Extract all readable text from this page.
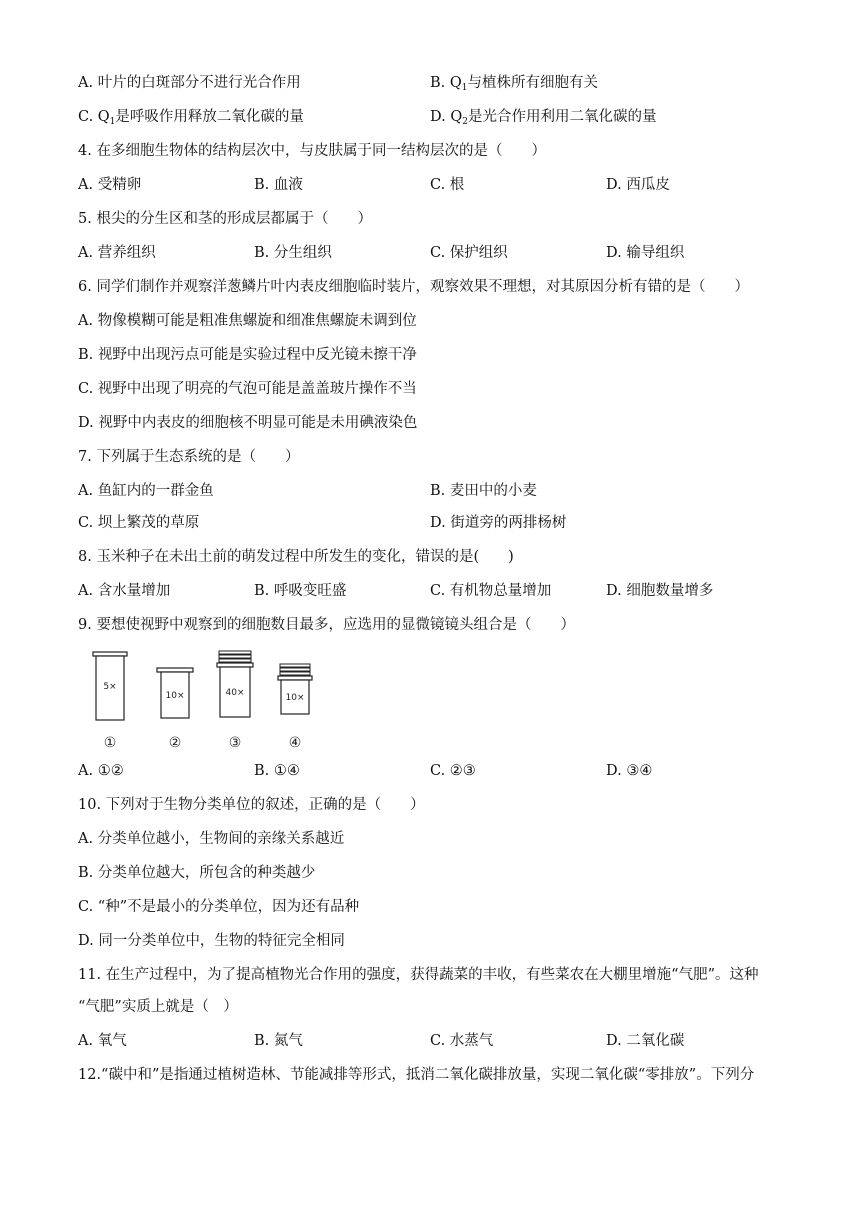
A. 叶片的白斑部分不进行光合作用	B. $Q_1$与植株所有细胞有关
C. $Q_1$是呼吸作用释放二氧化碳的量	D. $Q_2$是光合作用利用二氧化碳的量
4. 在多细胞生物体的结构层次中，与皮肤属于同一结构层次的是（　　）
A. 受精卵	B. 血液	C. 根	D. 西瓜皮
5. 根尖的分生区和茎的形成层都属于（　　）
A. 营养组织	B. 分生组织	C. 保护组织	D. 输导组织
6. 同学们制作并观察洋葱鳞片叶内表皮细胞临时装片，观察效果不理想，对其原因分析有错的是（　　）
A. 物像模糊可能是粗准焦螺旋和细准焦螺旋未调到位
B. 视野中出现污点可能是实验过程中反光镜未擦干净
C. 视野中出现了明亮的气泡可能是盖盖玻片操作不当
D. 视野中内表皮的细胞核不明显可能是未用碘液染色
7. 下列属于生态系统的是（　　）
A. 鱼缸内的一群金鱼	B. 麦田中的小麦
C. 坝上繁茂的草原	D. 街道旁的两排杨树
8. 玉米种子在未出土前的萌发过程中所发生的变化，错误的是(　　)
A. 含水量增加	B. 呼吸变旺盛	C. 有机物总量增加	D. 细胞数量增多
9. 要想使视野中观察到的细胞数目最多，应选用的显微镜镜头组合是（　　）
5×
10×	40×	10×
①	②	③	④
A. ①②	B. ①④	C. ②③	D. ③④
10. 下列对于生物分类单位的叙述，正确的是（　　）
A. 分类单位越小，生物间的亲缘关系越近
B. 分类单位越大，所包含的种类越少
C. “种”不是最小的分类单位，因为还有品种
D. 同一分类单位中，生物的特征完全相同
11. 在生产过程中，为了提高植物光合作用的强度，获得蔬菜的丰收，有些菜农在大棚里增施“气肥”。这种
“气肥”实质上就是（　）
A. 氧气	B. 氮气	C. 水蒸气	D. 二氧化碳
12.“碳中和”是指通过植树造林、节能减排等形式，抵消二氧化碳排放量，实现二氧化碳“零排放”。下列分
